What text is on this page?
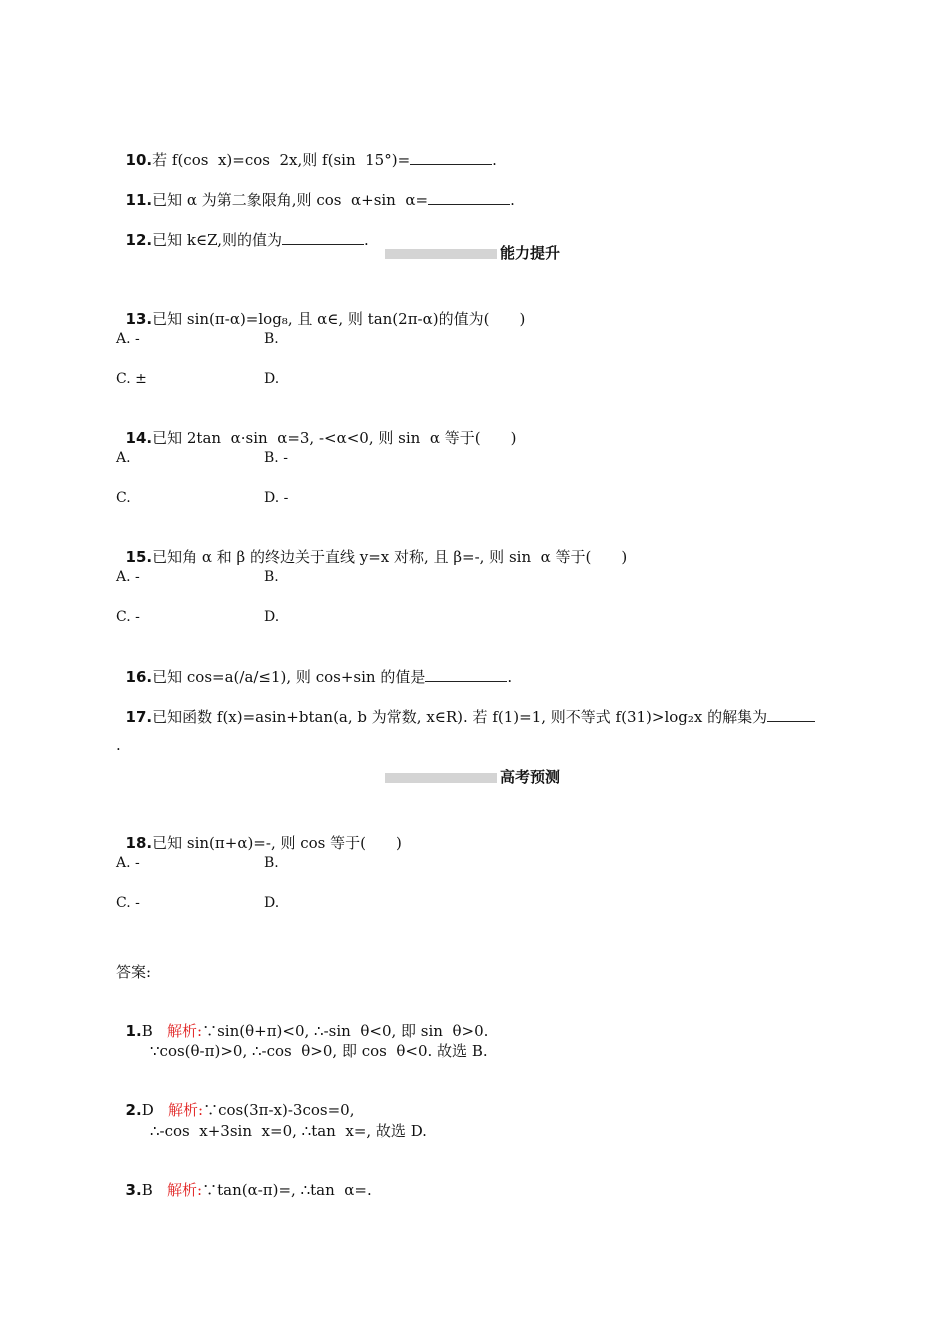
10.若 f(cos  x)=cos  2x,则 f(sin  15°)=	.

11.已知 α 为第二象限角,则 cos  α+sin  α=	.

12.已知 k∈Z,则的值为	.

能力提升

13.已知 sin(π-α)=log₈, 且 α∈, 则 tan(2π-α)的值为(　　)

A. -	B.
C. ±	D.

14.已知 2tan  α·sin  α=3, -<α<0, 则 sin  α 等于(　　)

A.	B. -
C.	D. -

15.已知角 α 和 β 的终边关于直线 y=x 对称, 且 β=-, 则 sin  α 等于(　　)

A. -	B.
C. -	D.

16.已知 cos=a(/a/≤1), 则 cos+sin 的值是	.

17.已知函数 f(x)=asin+btan(a, b 为常数, x∈R). 若 f(1)=1, 则不等式 f(31)>log₂x 的解集为

.
高考预测

18.已知 sin(π+α)=-, 则 cos 等于(　　)

A. -	B.
C. -	D.
答案:

1.B 解析:∵sin(θ+π)<0, ∴-sin  θ<0, 即 sin  θ>0.

∵cos(θ-π)>0, ∴-cos  θ>0, 即 cos  θ<0. 故选 B.

2.D 解析:∵cos(3π-x)-3cos=0,

∴-cos  x+3sin  x=0, ∴tan  x=, 故选 D.

3.B 解析:∵tan(α-π)=, ∴tan  α=.
